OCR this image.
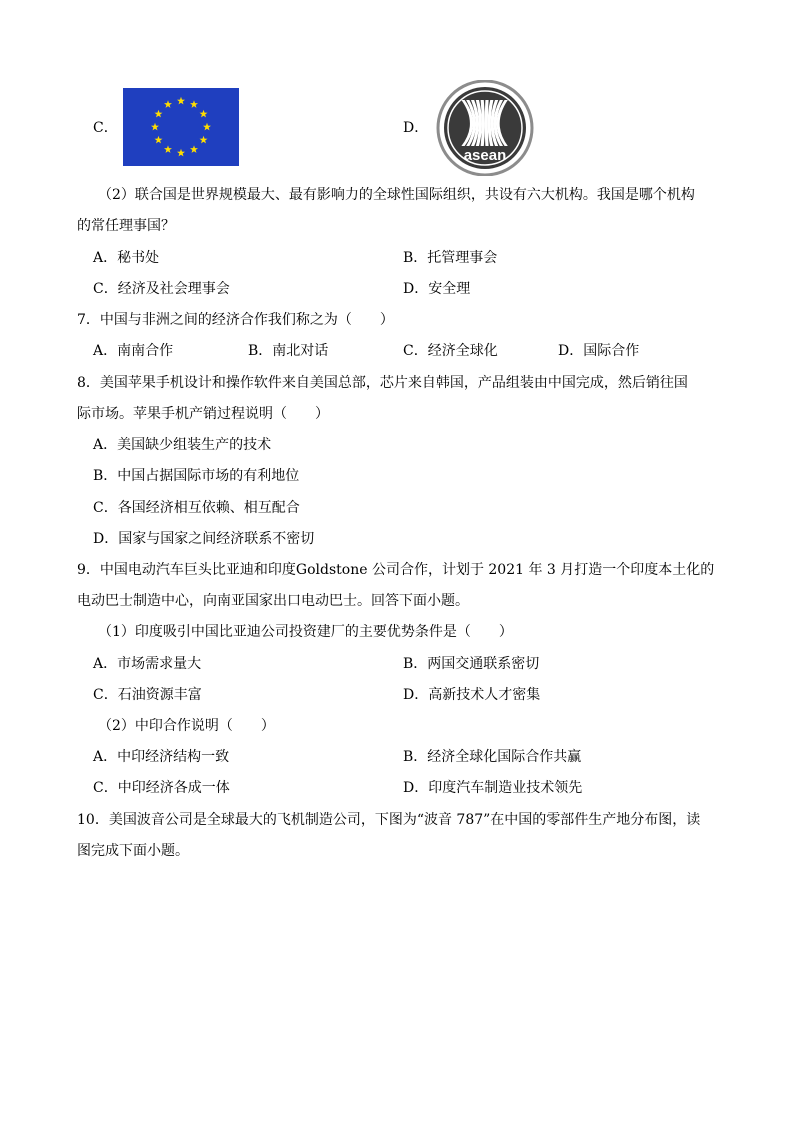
C．	D．
asean
（2）联合国是世界规模最大、最有影响力的全球性国际组织，共设有六大机构。我国是哪个机构
的常任理事国？
A．秘书处	B．托管理事会
C．经济及社会理事会	D．安全理
7．中国与非洲之间的经济合作我们称之为（　　）
A．南南合作	B．南北对话	C．经济全球化	D．国际合作
8．美国苹果手机设计和操作软件来自美国总部，芯片来自韩国，产品组装由中国完成，然后销往国
际市场。苹果手机产销过程说明（　　）
A．美国缺少组装生产的技术
B．中国占据国际市场的有利地位
C．各国经济相互依赖、相互配合
D．国家与国家之间经济联系不密切
9．中国电动汽车巨头比亚迪和印度Goldstone 公司合作，计划于 2021 年 3 月打造一个印度本土化的
电动巴士制造中心，向南亚国家出口电动巴士。回答下面小题。
（1）印度吸引中国比亚迪公司投资建厂的主要优势条件是（　　）
A．市场需求量大	B．两国交通联系密切
C．石油资源丰富	D．高新技术人才密集
（2）中印合作说明（　　）
A．中印经济结构一致	B．经济全球化国际合作共赢
C．中印经济各成一体	D．印度汽车制造业技术领先
10．美国波音公司是全球最大的飞机制造公司，下图为“波音 787”在中国的零部件生产地分布图，读
图完成下面小题。
